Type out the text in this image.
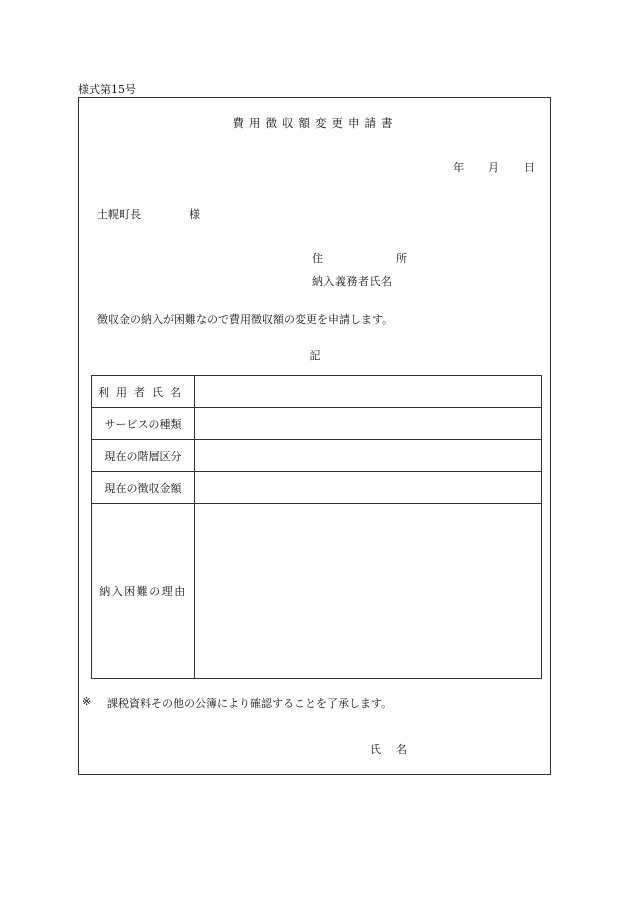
様式第15号
費用徴収額変更申請書
年 月 日
土幌町長	様
住	所
納入義務者氏名
徴収金の納入が困難なので費用徴収額の変更を申請します。
記
利用者氏名	
サービスの種類	
現在の階層区分	
現在の徴収金額	
納入困難の理由	
※ 課税資料その他の公簿により確認することを了承します。
氏 名
